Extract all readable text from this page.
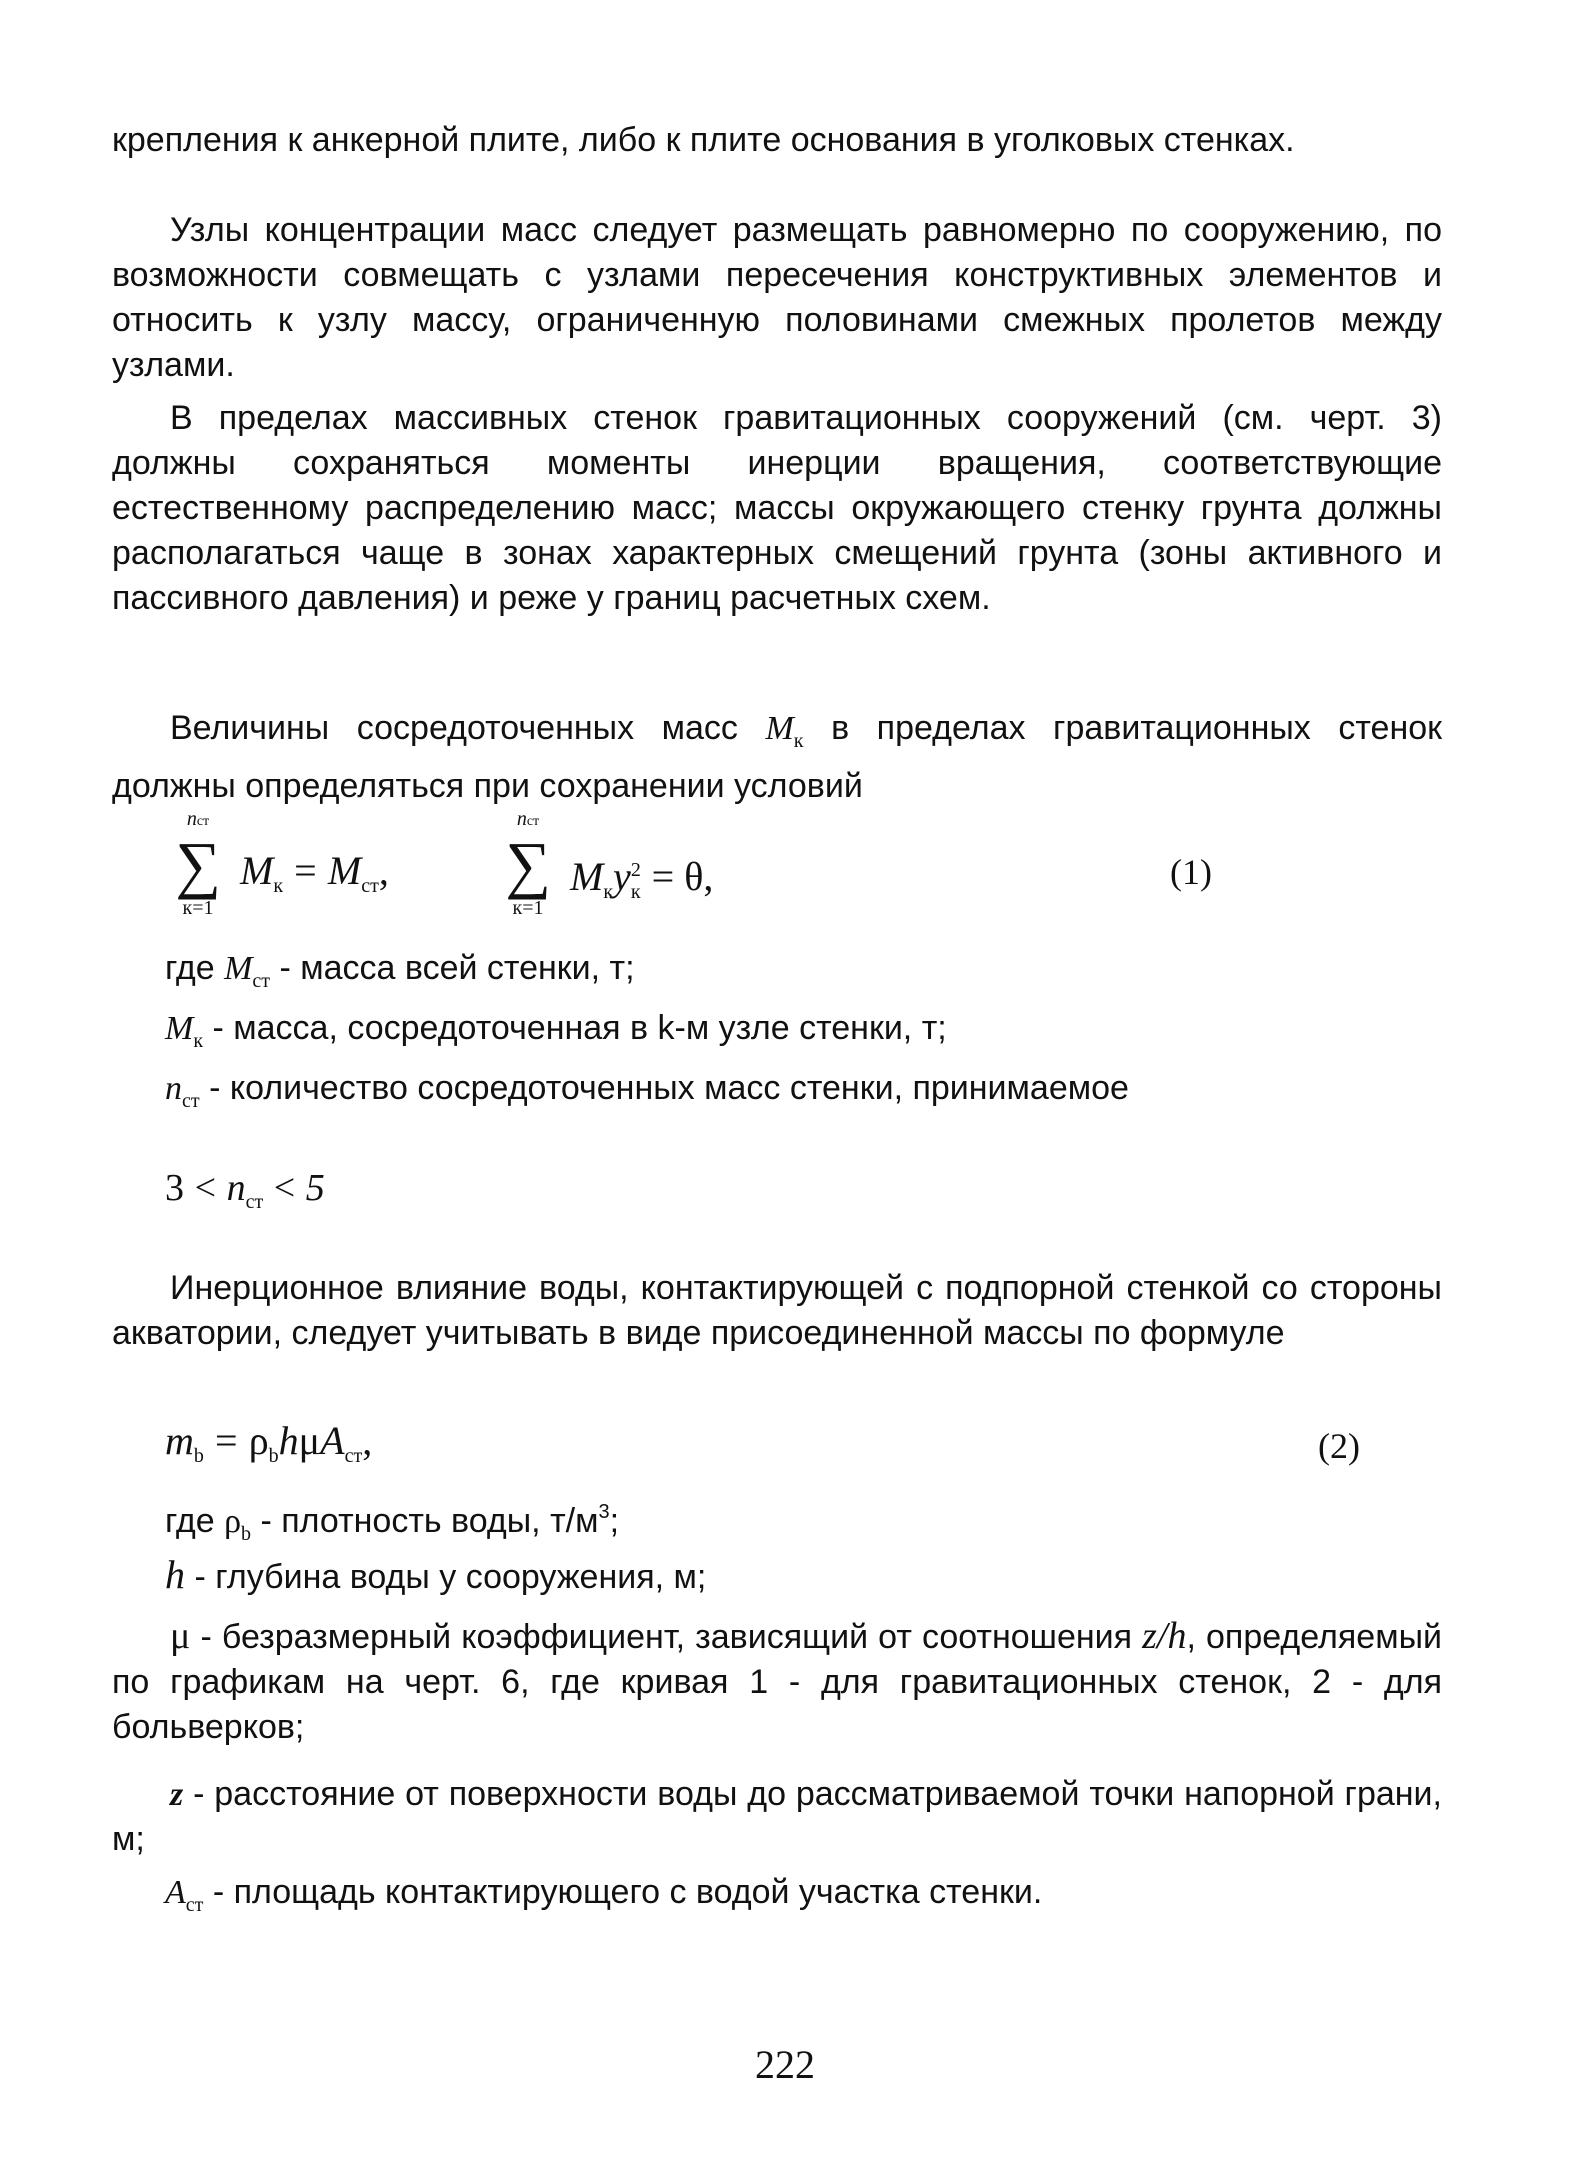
крепления к анкерной плите, либо к плите основания в уголковых стенках.
Узлы концентрации масс следует размещать равномерно по сооружению, по возможности совмещать с узлами пересечения конструктивных элементов и относить к узлу массу, ограниченную половинами смежных пролетов между узлами.
В пределах массивных стенок гравитационных сооружений (см. черт. 3) должны сохраняться моменты инерции вращения, соответствующие естественному распределению масс; массы окружающего стенку грунта должны располагаться чаще в зонах характерных смещений грунта (зоны активного и пассивного давления) и реже у границ расчетных схем.
Величины сосредоточенных масс $M_к$ в пределах гравитационных стенок должны определяться при сохранении условий
nст
∑
к=1
$M_к = M_{ст}$,
nст
∑
к=1
$M_кy^2_к = \theta$,	(1)
где $M_{ст}$ - масса всей стенки, т;
$M_к$ - масса, сосредоточенная в k-м узле стенки, т;
$n_{ст}$ - количество сосредоточенных масс стенки, принимаемое
$3 < n_{ст} < 5$
Инерционное влияние воды, контактирующей с подпорной стенкой со стороны акватории, следует учитывать в виде присоединенной массы по формуле
$m_b = \rho_bh\mu A_{ст}$,	(2)
где $\rho_b$ - плотность воды, $т/м^3$;
h - глубина воды у сооружения, м;
μ - безразмерный коэффициент, зависящий от соотношения z/h, определяемый по графикам на черт. 6, где кривая 1 - для гравитационных стенок, 2 - для больверков;
z - расстояние от поверхности воды до рассматриваемой точки напорной грани, м;
$A_{ст}$ - площадь контактирующего с водой участка стенки.
222
